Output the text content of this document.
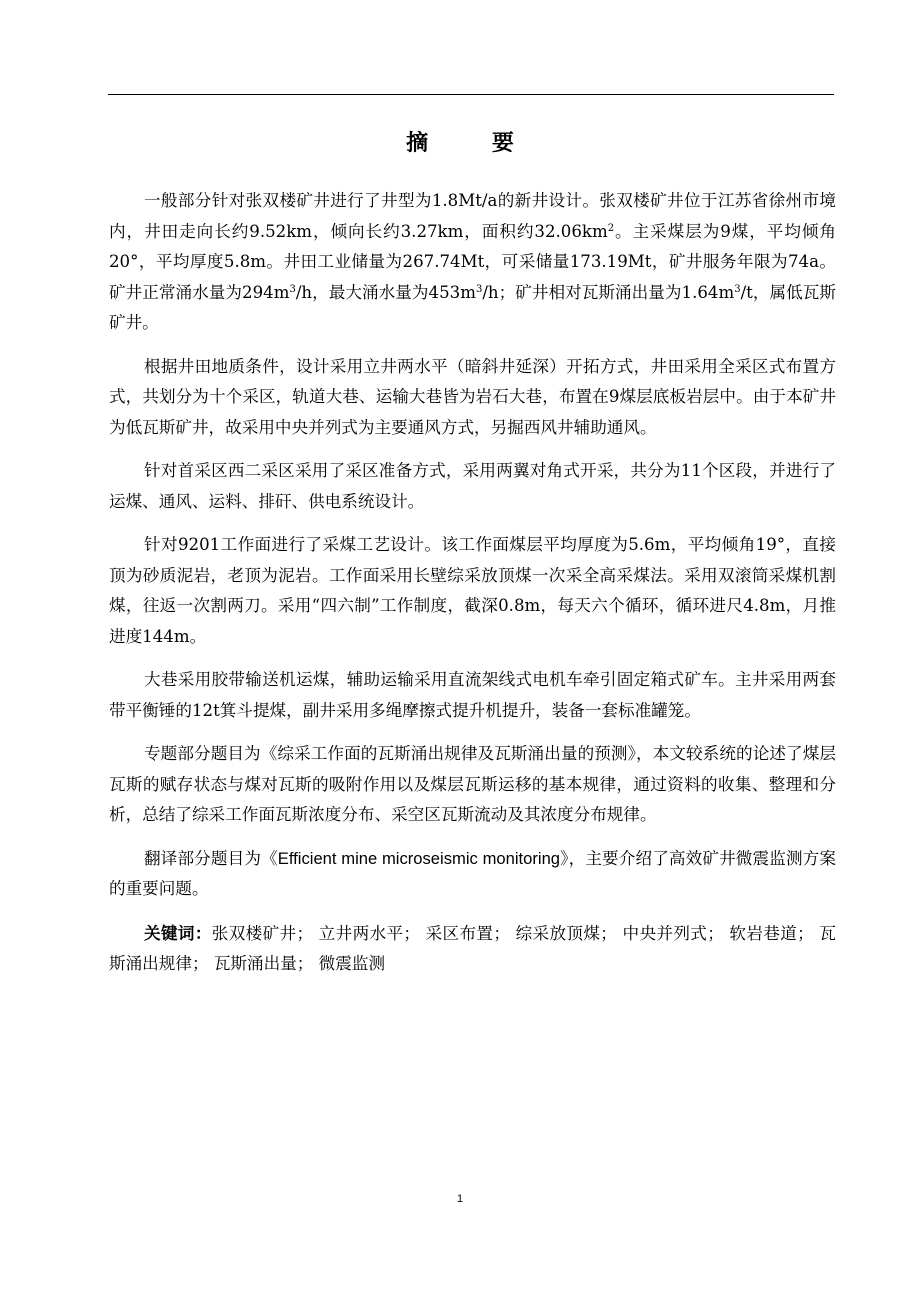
摘 要

一般部分针对张双楼矿井进行了井型为1.8Mt/a的新井设计。张双楼矿井位于江苏省徐州市境内，井田走向长约9.52km，倾向长约3.27km，面积约$32.06km^2$。主采煤层为9煤，平均倾角20°，平均厚度5.8m。井田工业储量为267.74Mt，可采储量173.19Mt，矿井服务年限为74a。矿井正常涌水量为$294m^3/h$，最大涌水量为$453m^3/h$；矿井相对瓦斯涌出量为$1.64m^3/t$，属低瓦斯矿井。

根据井田地质条件，设计采用立井两水平（暗斜井延深）开拓方式，井田采用全采区式布置方式，共划分为十个采区，轨道大巷、运输大巷皆为岩石大巷，布置在9煤层底板岩层中。由于本矿井为低瓦斯矿井，故采用中央并列式为主要通风方式，另掘西风井辅助通风。

针对首采区西二采区采用了采区准备方式，采用两翼对角式开采，共分为11个区段，并进行了运煤、通风、运料、排矸、供电系统设计。

针对9201工作面进行了采煤工艺设计。该工作面煤层平均厚度为5.6m，平均倾角19°，直接顶为砂质泥岩，老顶为泥岩。工作面采用长壁综采放顶煤一次采全高采煤法。采用双滚筒采煤机割煤，往返一次割两刀。采用“四六制”工作制度，截深0.8m，每天六个循环，循环进尺4.8m，月推进度144m。

大巷采用胶带输送机运煤，辅助运输采用直流架线式电机车牵引固定箱式矿车。主井采用两套带平衡锤的12t箕斗提煤，副井采用多绳摩擦式提升机提升，装备一套标准罐笼。

专题部分题目为《综采工作面的瓦斯涌出规律及瓦斯涌出量的预测》，本文较系统的论述了煤层瓦斯的赋存状态与煤对瓦斯的吸附作用以及煤层瓦斯运移的基本规律，通过资料的收集、整理和分析，总结了综采工作面瓦斯浓度分布、采空区瓦斯流动及其浓度分布规律。

翻译部分题目为《Efficient mine microseismic monitoring》，主要介绍了高效矿井微震监测方案的重要问题。

关键词：张双楼矿井； 立井两水平； 采区布置； 综采放顶煤； 中央并列式； 软岩巷道； 瓦斯涌出规律； 瓦斯涌出量； 微震监测

1
